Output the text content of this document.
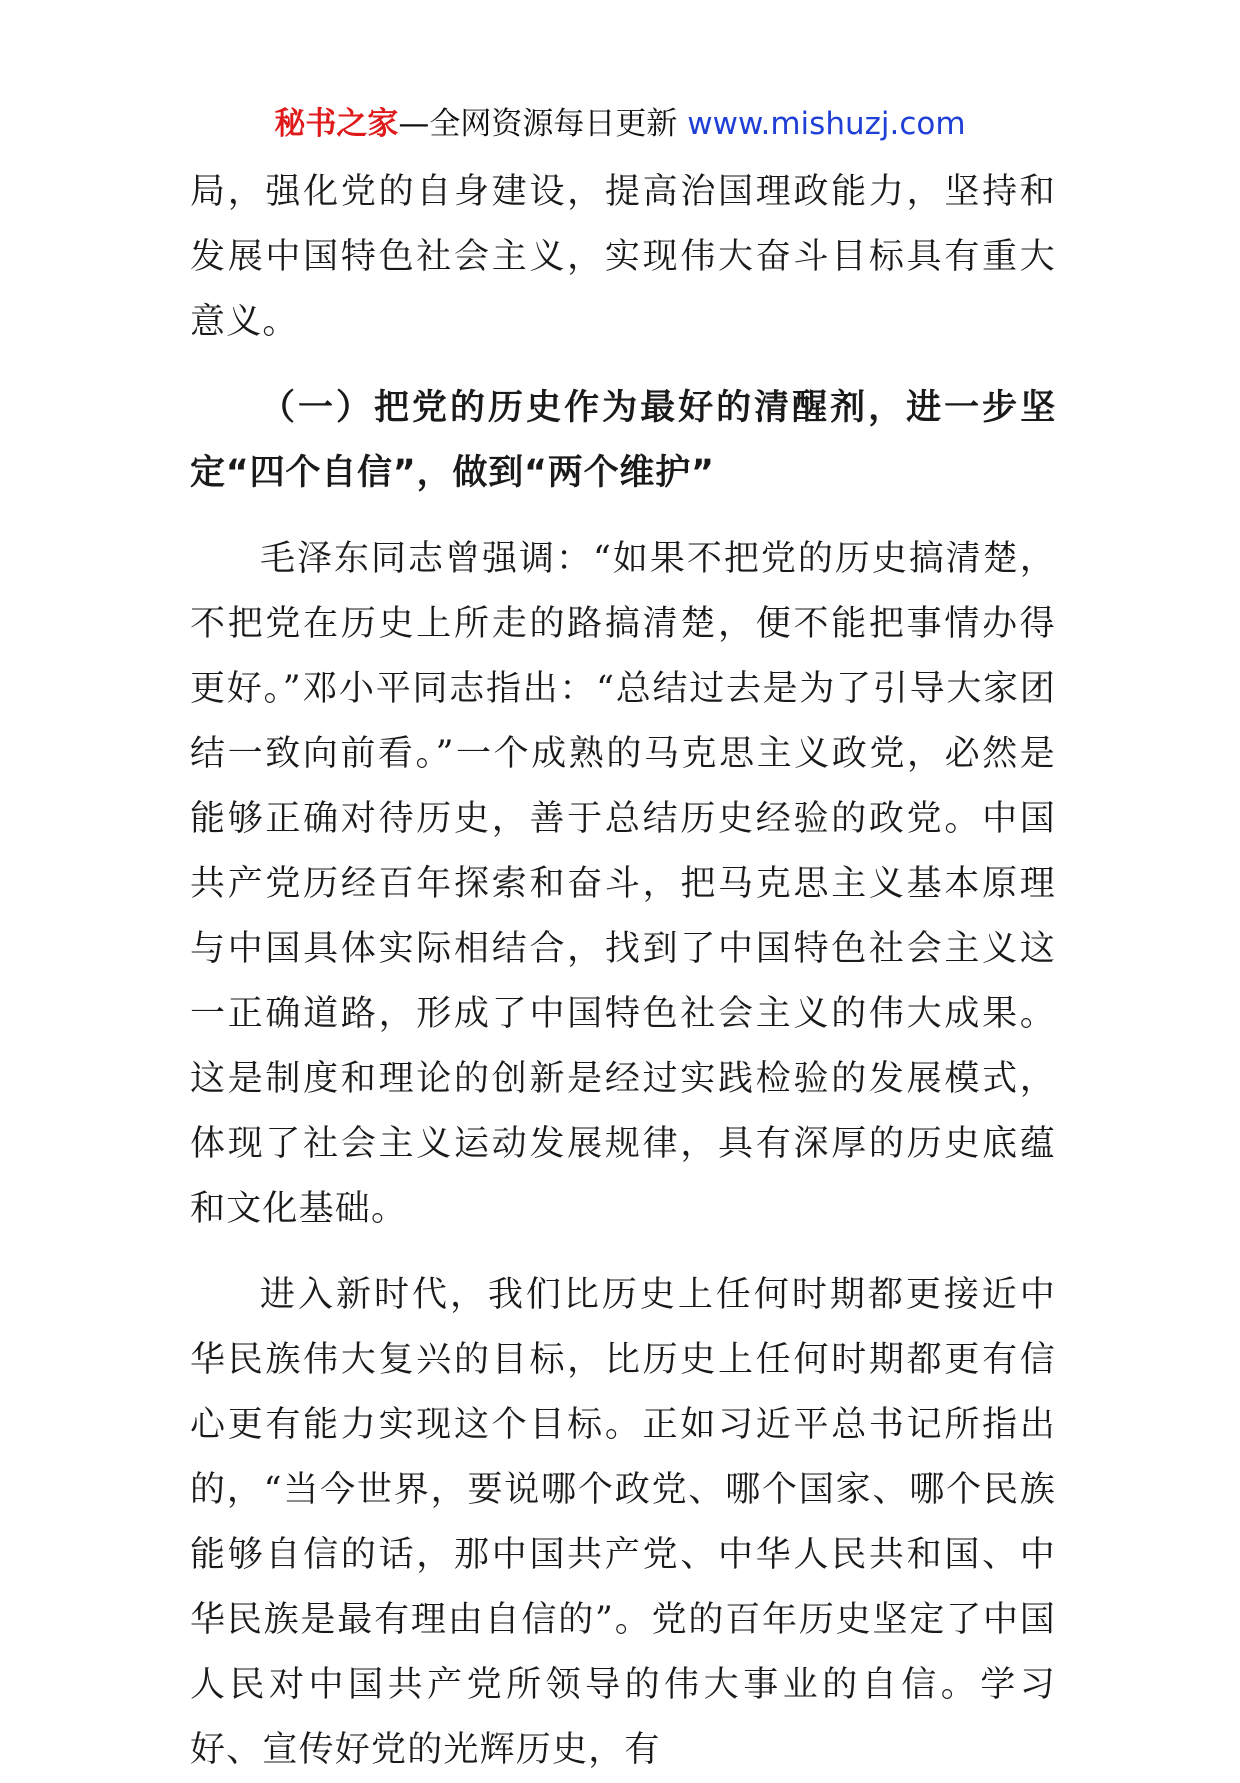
秘书之家—全网资源每日更新 www.mishuzj.com

局，强化党的自身建设，提高治国理政能力，坚持和发展中国特色社会主义，实现伟大奋斗目标具有重大意义。

（一）把党的历史作为最好的清醒剂，进一步坚定“四个自信”，做到“两个维护”

毛泽东同志曾强调：“如果不把党的历史搞清楚，不把党在历史上所走的路搞清楚，便不能把事情办得更好。”邓小平同志指出：“总结过去是为了引导大家团结一致向前看。”一个成熟的马克思主义政党，必然是能够正确对待历史，善于总结历史经验的政党。中国共产党历经百年探索和奋斗，把马克思主义基本原理与中国具体实际相结合，找到了中国特色社会主义这一正确道路，形成了中国特色社会主义的伟大成果。这是制度和理论的创新是经过实践检验的发展模式，体现了社会主义运动发展规律，具有深厚的历史底蕴和文化基础。

进入新时代，我们比历史上任何时期都更接近中华民族伟大复兴的目标，比历史上任何时期都更有信心更有能力实现这个目标。正如习近平总书记所指出的，“当今世界，要说哪个政党、哪个国家、哪个民族能够自信的话，那中国共产党、中华人民共和国、中华民族是最有理由自信的”。党的百年历史坚定了中国人民对中国共产党所领导的伟大事业的自信。学习好、宣传好党的光辉历史，有
